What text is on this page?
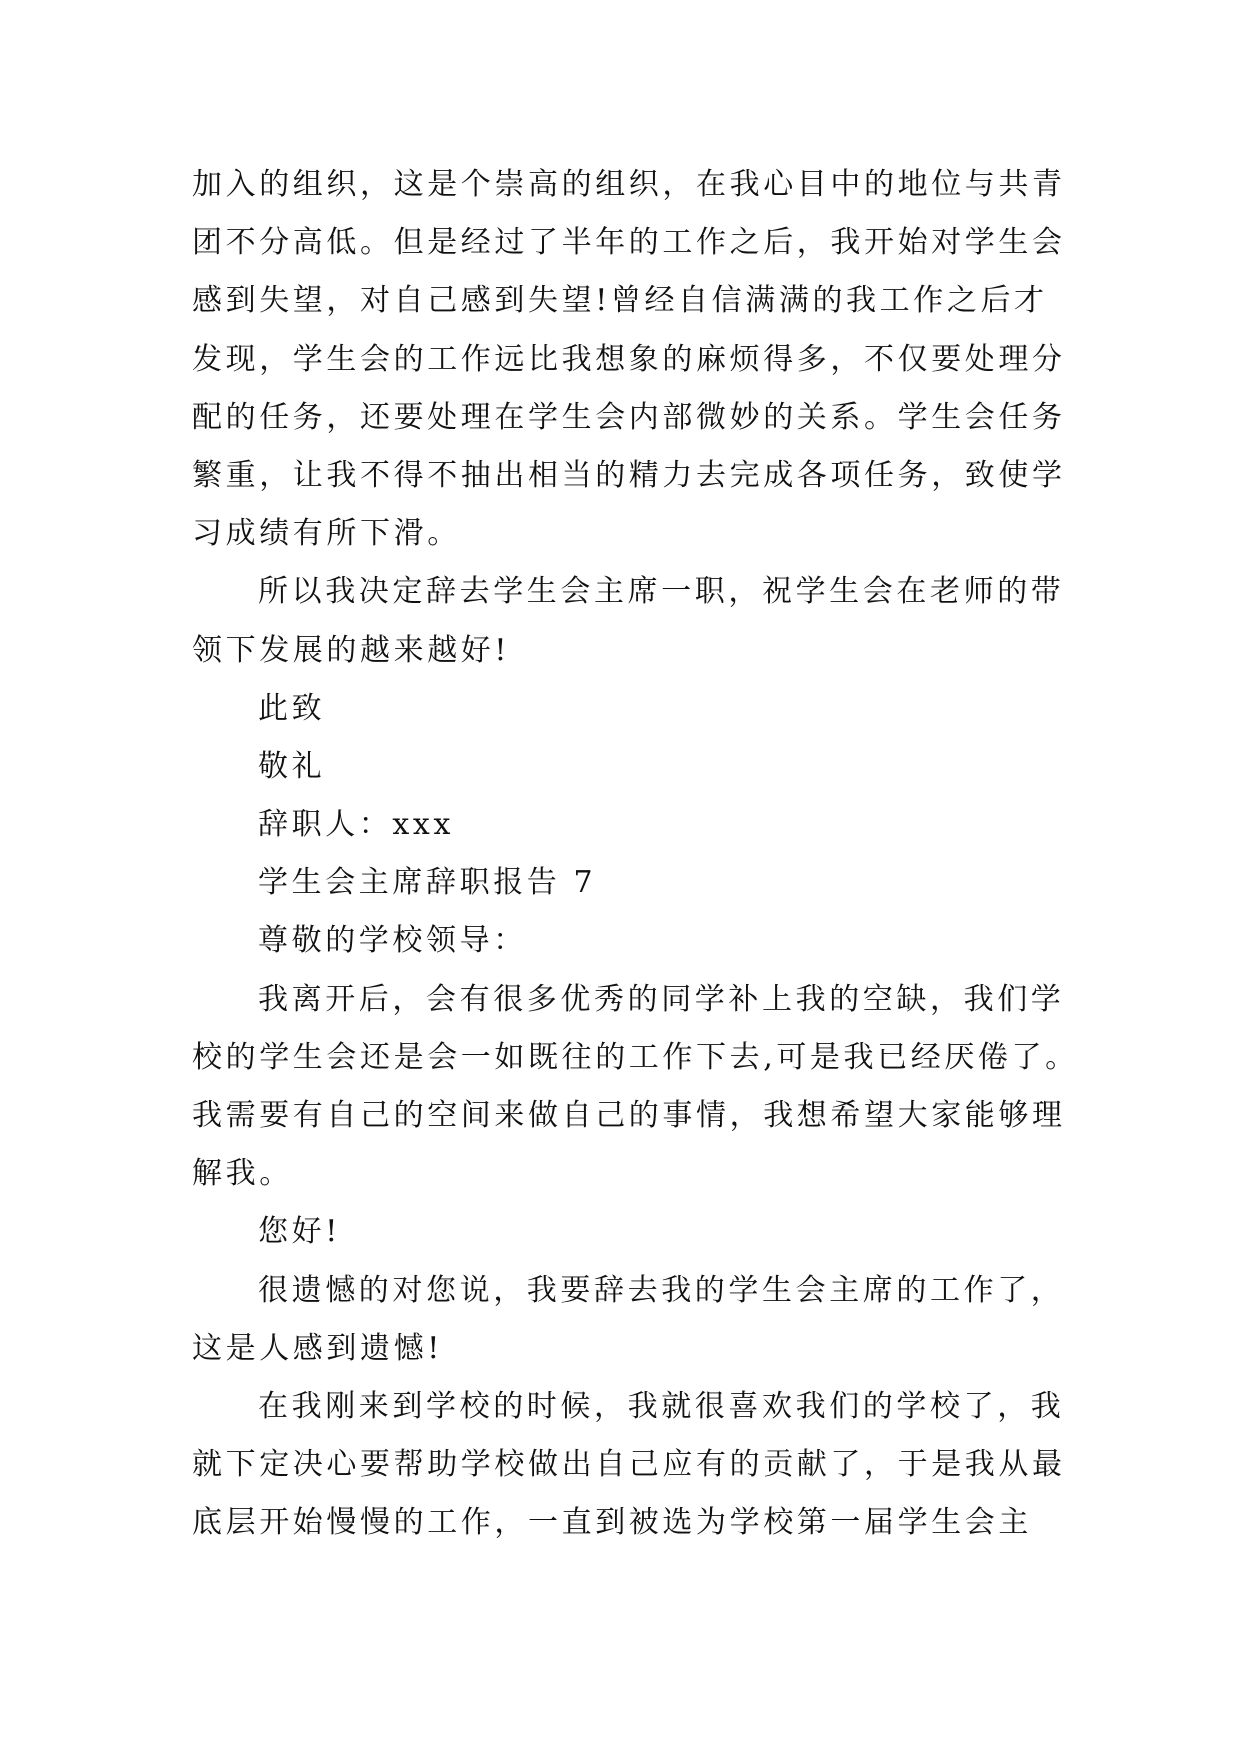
加入的组织，这是个崇高的组织，在我心目中的地位与共青
团不分高低。但是经过了半年的工作之后，我开始对学生会
感到失望，对自己感到失望!曾经自信满满的我工作之后才
发现，学生会的工作远比我想象的麻烦得多，不仅要处理分
配的任务，还要处理在学生会内部微妙的关系。学生会任务
繁重，让我不得不抽出相当的精力去完成各项任务，致使学
习成绩有所下滑。
所以我决定辞去学生会主席一职，祝学生会在老师的带
领下发展的越来越好!
此致
敬礼
辞职人：xxx
学生会主席辞职报告 7
尊敬的学校领导：
我离开后，会有很多优秀的同学补上我的空缺，我们学
校的学生会还是会一如既往的工作下去,可是我已经厌倦了。
我需要有自己的空间来做自己的事情，我想希望大家能够理
解我。
您好!
很遗憾的对您说，我要辞去我的学生会主席的工作了，
这是人感到遗憾!
在我刚来到学校的时候，我就很喜欢我们的学校了，我
就下定决心要帮助学校做出自己应有的贡献了，于是我从最
底层开始慢慢的工作，一直到被选为学校第一届学生会主
